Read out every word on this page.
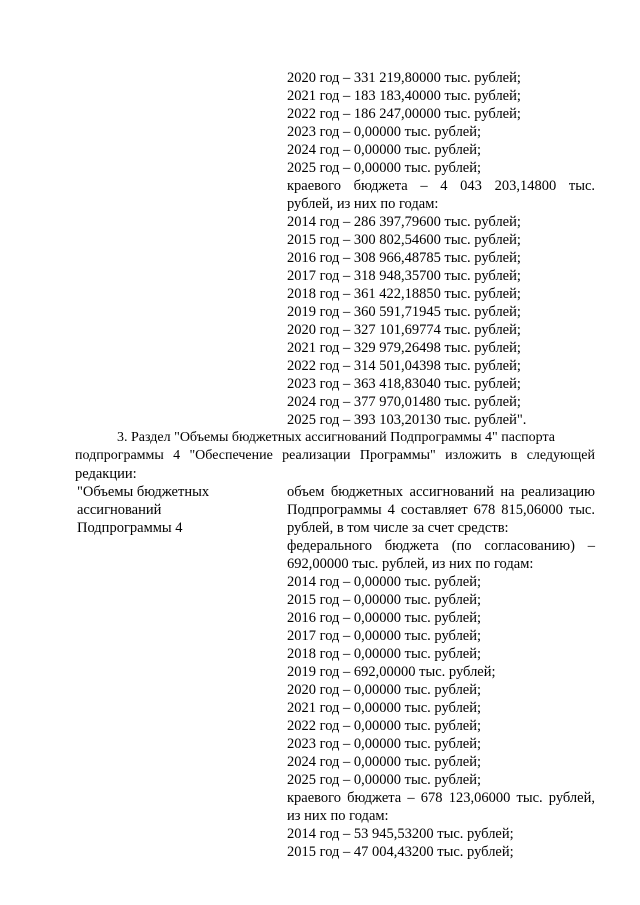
2020 год – 331 219,80000 тыс. рублей;
2021 год – 183 183,40000 тыс. рублей;
2022 год – 186 247,00000 тыс. рублей;
2023 год – 0,00000 тыс. рублей;
2024 год – 0,00000 тыс. рублей;
2025 год – 0,00000 тыс. рублей;
краевого бюджета – 4 043 203,14800 тыс.
рублей, из них по годам:
2014 год – 286 397,79600 тыс. рублей;
2015 год – 300 802,54600 тыс. рублей;
2016 год – 308 966,48785 тыс. рублей;
2017 год – 318 948,35700 тыс. рублей;
2018 год – 361 422,18850 тыс. рублей;
2019 год – 360 591,71945 тыс. рублей;
2020 год – 327 101,69774 тыс. рублей;
2021 год – 329 979,26498 тыс. рублей;
2022 год – 314 501,04398 тыс. рублей;
2023 год – 363 418,83040 тыс. рублей;
2024 год – 377 970,01480 тыс. рублей;
2025 год – 393 103,20130 тыс. рублей".
3. Раздел "Объемы бюджетных ассигнований Подпрограммы 4" паспорта
подпрограммы 4 "Обеспечение реализации Программы" изложить в следующей
редакции:
"Объемы бюджетных
ассигнований
Подпрограммы 4
объем бюджетных ассигнований на реализацию
Подпрограммы 4 составляет 678 815,06000 тыс.
рублей, в том числе за счет средств:
федерального бюджета (по согласованию) –
692,00000 тыс. рублей, из них по годам:
2014 год – 0,00000 тыс. рублей;
2015 год – 0,00000 тыс. рублей;
2016 год – 0,00000 тыс. рублей;
2017 год – 0,00000 тыс. рублей;
2018 год – 0,00000 тыс. рублей;
2019 год – 692,00000 тыс. рублей;
2020 год – 0,00000 тыс. рублей;
2021 год – 0,00000 тыс. рублей;
2022 год – 0,00000 тыс. рублей;
2023 год – 0,00000 тыс. рублей;
2024 год – 0,00000 тыс. рублей;
2025 год – 0,00000 тыс. рублей;
краевого бюджета – 678 123,06000 тыс. рублей,
из них по годам:
2014 год – 53 945,53200 тыс. рублей;
2015 год – 47 004,43200 тыс. рублей;
